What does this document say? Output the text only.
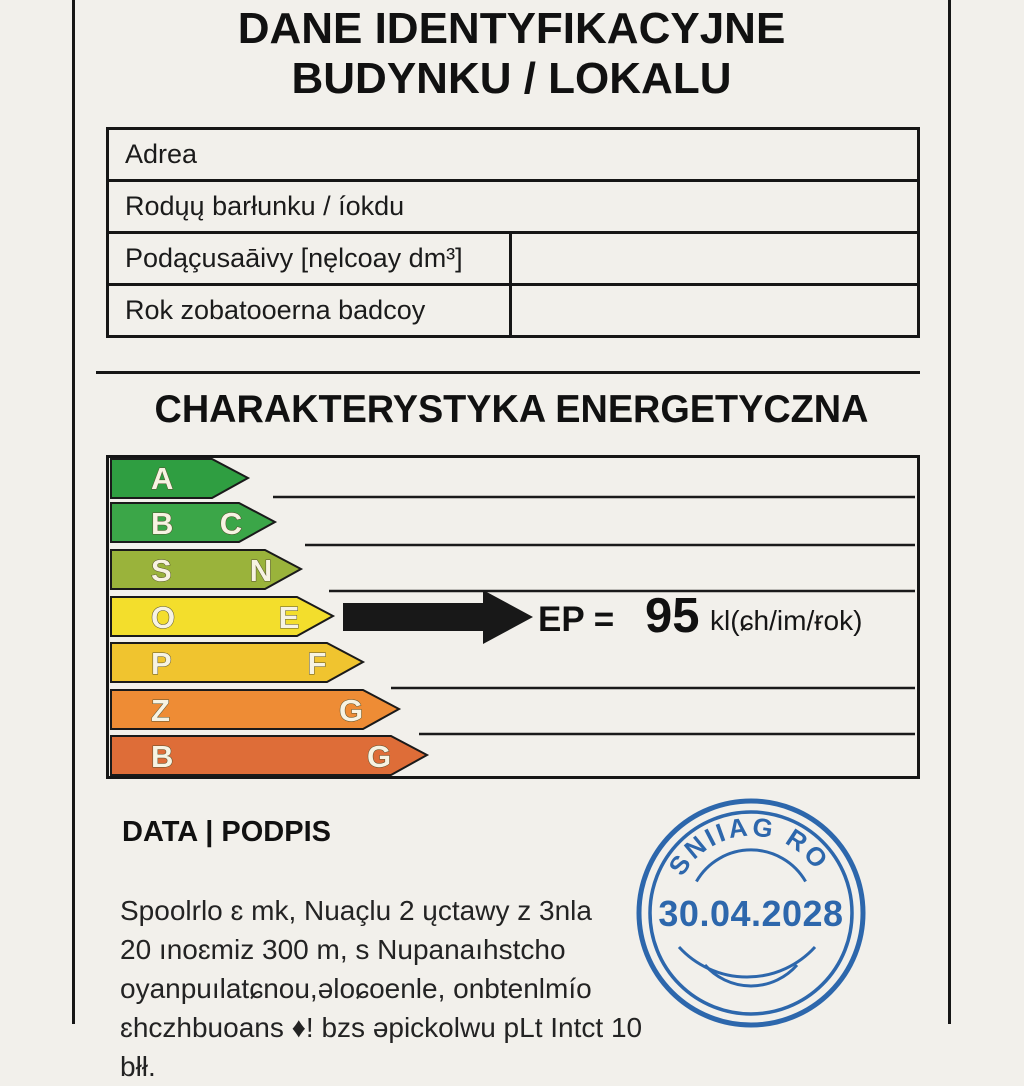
DANE IDENTYFIKACYJNE
BUDYNKU / LOKALU
Adrea
Rodųų barłunku / íokdu
Podąçusaāivy [nęlcoay dm³]
Rok zobatooerna badcoy
CHARAKTERYSTYKA ENERGETYCZNA
A
B C
S	N
O	E
P	F
Z	G
B	G
EP = 95 kl(ɕh/im/ɍok)
DATA | PODPIS
Spoolrlo ɛ mk, Nuaçlu 2 ųctawy z 3nla
20 ınoɛmiz 300 m, s Nupanaıhstcho
oyanpuılatɕnou,əloɕoenle, onbtenlmío
ɛhczhbuoans ♦! bzs əpickolwu pLt Intct 10 błł.
SNIIAG RO
30.04.2028
